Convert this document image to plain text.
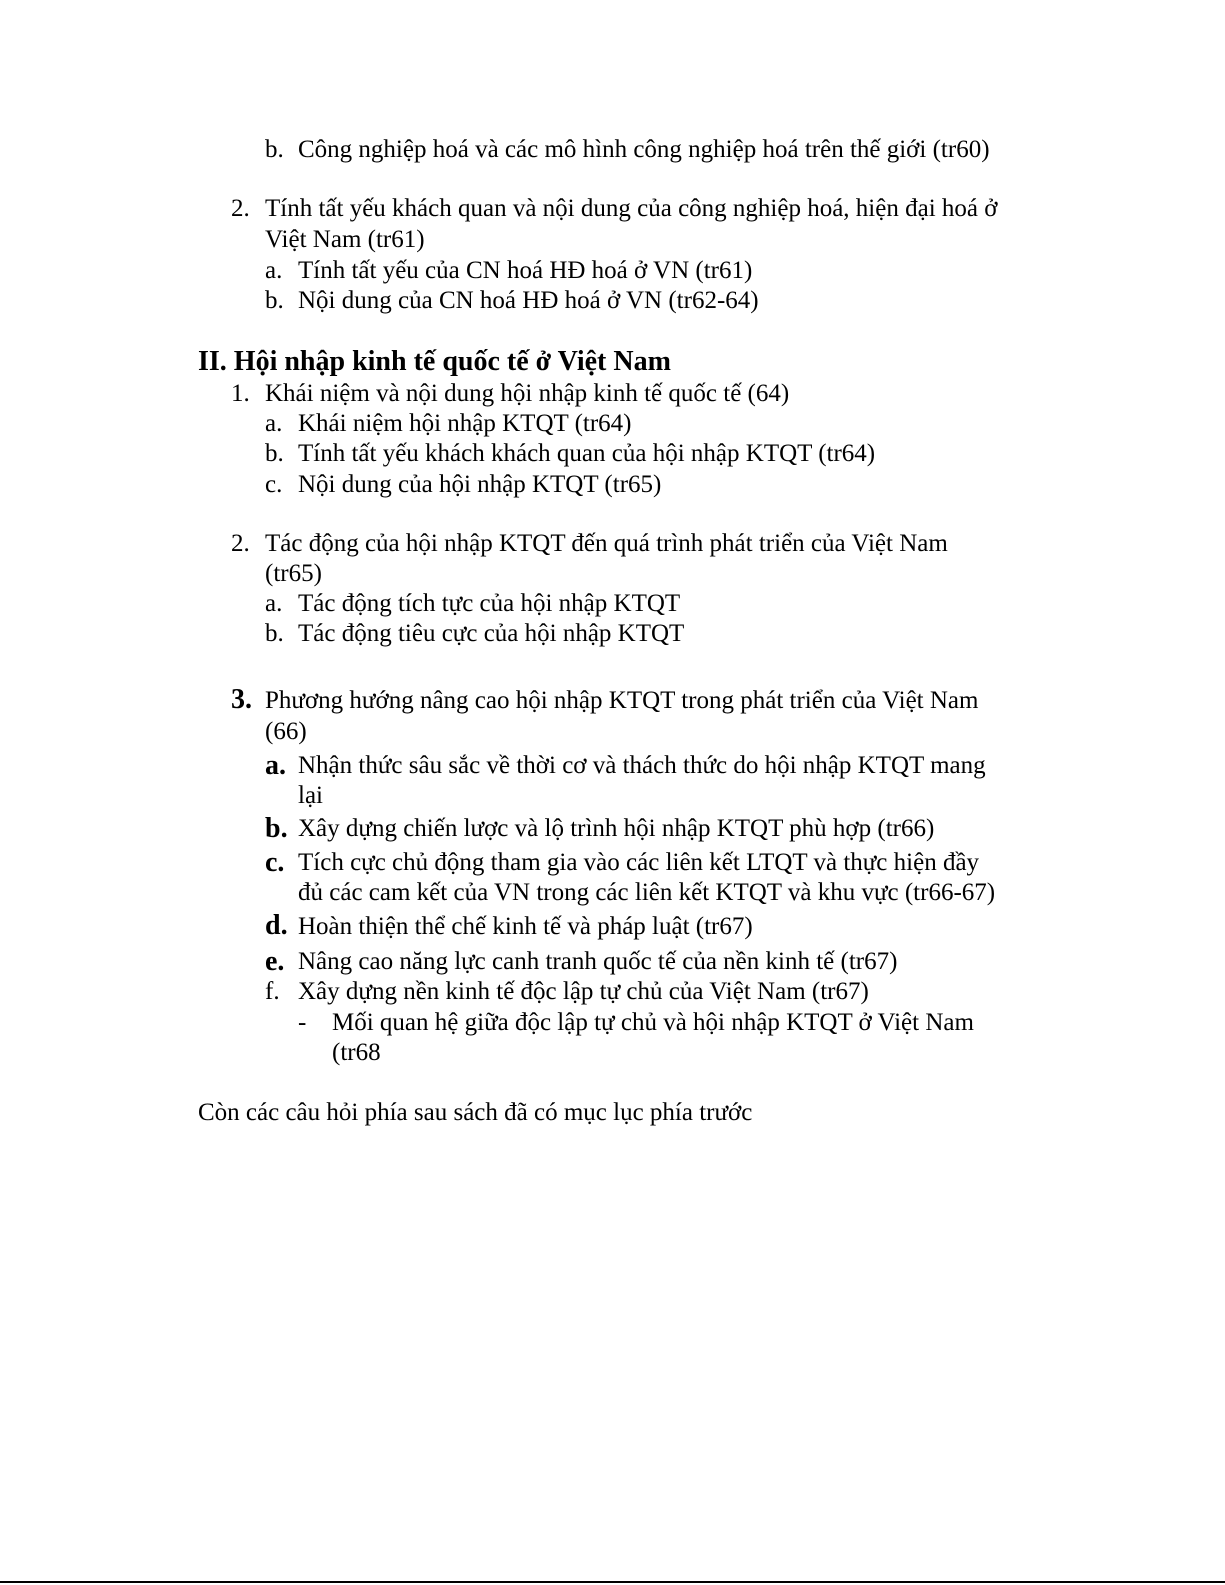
b. Công nghiệp hoá và các mô hình công nghiệp hoá trên thế giới (tr60)
2. Tính tất yếu khách quan và nội dung của công nghiệp hoá, hiện đại hoá ở
Việt Nam (tr61)
a. Tính tất yếu của CN hoá HĐ hoá ở VN (tr61)
b. Nội dung của CN hoá HĐ hoá ở VN (tr62-64)
II. Hội nhập kinh tế quốc tế ở Việt Nam
1. Khái niệm và nội dung hội nhập kinh tế quốc tế (64)
a. Khái niệm hội nhập KTQT (tr64)
b. Tính tất yếu khách khách quan của hội nhập KTQT (tr64)
c. Nội dung của hội nhập KTQT (tr65)
2. Tác động của hội nhập KTQT đến quá trình phát triển của Việt Nam
(tr65)
a. Tác động tích tực của hội nhập KTQT
b. Tác động tiêu cực của hội nhập KTQT
3. Phương hướng nâng cao hội nhập KTQT trong phát triển của Việt Nam
(66)
a. Nhận thức sâu sắc về thời cơ và thách thức do hội nhập KTQT mang
lại
b. Xây dựng chiến lược và lộ trình hội nhập KTQT phù hợp (tr66)
c. Tích cực chủ động tham gia vào các liên kết LTQT và thực hiện đầy
đủ các cam kết của VN trong các liên kết KTQT và khu vực (tr66-67)
d. Hoàn thiện thể chế kinh tế và pháp luật (tr67)
e. Nâng cao năng lực canh tranh quốc tế của nền kinh tế (tr67)
f. Xây dựng nền kinh tế độc lập tự chủ của Việt Nam (tr67)
- Mối quan hệ giữa độc lập tự chủ và hội nhập KTQT ở Việt Nam
(tr68
Còn các câu hỏi phía sau sách đã có mục lục phía trước
